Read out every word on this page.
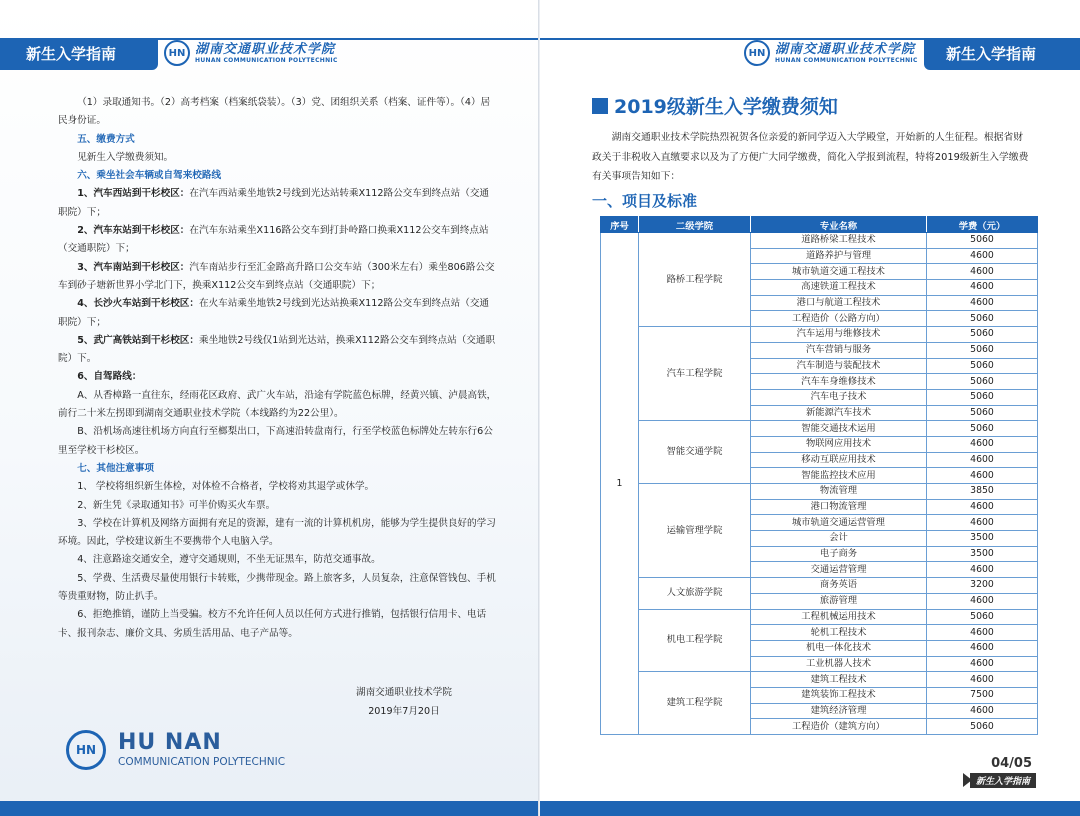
新生入学指南	HN 湖南交通职业技术学院
HUNAN COMMUNICATION POLYTECHNIC

（1）录取通知书。（2）高考档案（档案纸袋装）。（3）党、团组织关系（档案、证件等）。（4）居民身份证。

五、缴费方式

见新生入学缴费须知。

六、乘坐社会车辆或自驾来校路线

1、汽车西站到干杉校区：在汽车西站乘坐地铁2号线到光达站转乘X112路公交车到终点站（交通职院）下；

2、汽车东站到干杉校区：在汽车东站乘坐X116路公交车到打卦岭路口换乘X112公交车到终点站（交通职院）下；

3、汽车南站到干杉校区：汽车南站步行至汇金路高升路口公交车站（300米左右）乘坐806路公交车到砂子塘新世界小学北门下，换乘X112公交车到终点站（交通职院）下；

4、长沙火车站到干杉校区：在火车站乘坐地铁2号线到光达站换乘X112路公交车到终点站（交通职院）下；

5、武广高铁站到干杉校区：乘坐地铁2号线仅1站到光达站，换乘X112路公交车到终点站（交通职院）下。

6、自驾路线：

A、从香樟路一直往东，经雨花区政府、武广火车站，沿途有学院蓝色标牌，经黄兴镇、泸晨高铁，前行二十米左拐即到湖南交通职业技术学院（本线路约为22公里）。

B、沿机场高速往机场方向直行至榔梨出口，下高速沿转盘南行，行至学校蓝色标牌处左转东行6公里至学校干杉校区。

七、其他注意事项

1、 学校将组织新生体检，对体检不合格者，学校将劝其退学或休学。

2、新生凭《录取通知书》可半价购买火车票。

3、学校在计算机及网络方面拥有充足的资源，建有一流的计算机机房，能够为学生提供良好的学习环境。因此，学校建议新生不要携带个人电脑入学。

4、注意路途交通安全，遵守交通规则，不坐无证黑车，防范交通事故。

5、学费、生活费尽量使用银行卡转账，少携带现金。路上旅客多，人员复杂，注意保管钱包、手机等贵重财物，防止扒手。

6、拒绝推销，谨防上当受骗。校方不允许任何人员以任何方式进行推销，包括银行信用卡、电话卡、报刊杂志、廉价文具、劣质生活用品、电子产品等。

湖南交通职业技术学院
2019年7月20日
HN HU NAN
COMMUNICATION POLYTECHNIC
HN 湖南交通职业技术学院
HUNAN COMMUNICATION POLYTECHNIC	新生入学指南
2019级新生入学缴费须知

湖南交通职业技术学院热烈祝贺各位亲爱的新同学迈入大学殿堂，开始新的人生征程。根据省财政关于非税收入直缴要求以及为了方便广大同学缴费，简化入学报到流程，特将2019级新生入学缴费有关事项告知如下：

一、项目及标准
序号	二级学院	专业名称	学费（元）
1	路桥工程学院	道路桥梁工程技术	5060
		道路养护与管理	4600
		城市轨道交通工程技术	4600
		高速铁道工程技术	4600
		港口与航道工程技术	4600
		工程造价（公路方向）	5060
	汽车工程学院	汽车运用与维修技术	5060
		汽车营销与服务	5060
		汽车制造与装配技术	5060
		汽车车身维修技术	5060
		汽车电子技术	5060
		新能源汽车技术	5060
	智能交通学院	智能交通技术运用	5060
		物联网应用技术	4600
		移动互联应用技术	4600
		智能监控技术应用	4600
	运输管理学院	物流管理	3850
		港口物流管理	4600
		城市轨道交通运营管理	4600
		会计	3500
		电子商务	3500
		交通运营管理	4600
	人文旅游学院	商务英语	3200
		旅游管理	4600
	机电工程学院	工程机械运用技术	5060
		轮机工程技术	4600
		机电一体化技术	4600
		工业机器人技术	4600
	建筑工程学院	建筑工程技术	4600
		建筑装饰工程技术	7500
		建筑经济管理	4600
		工程造价（建筑方向）	5060
04/05
新生入学指南
